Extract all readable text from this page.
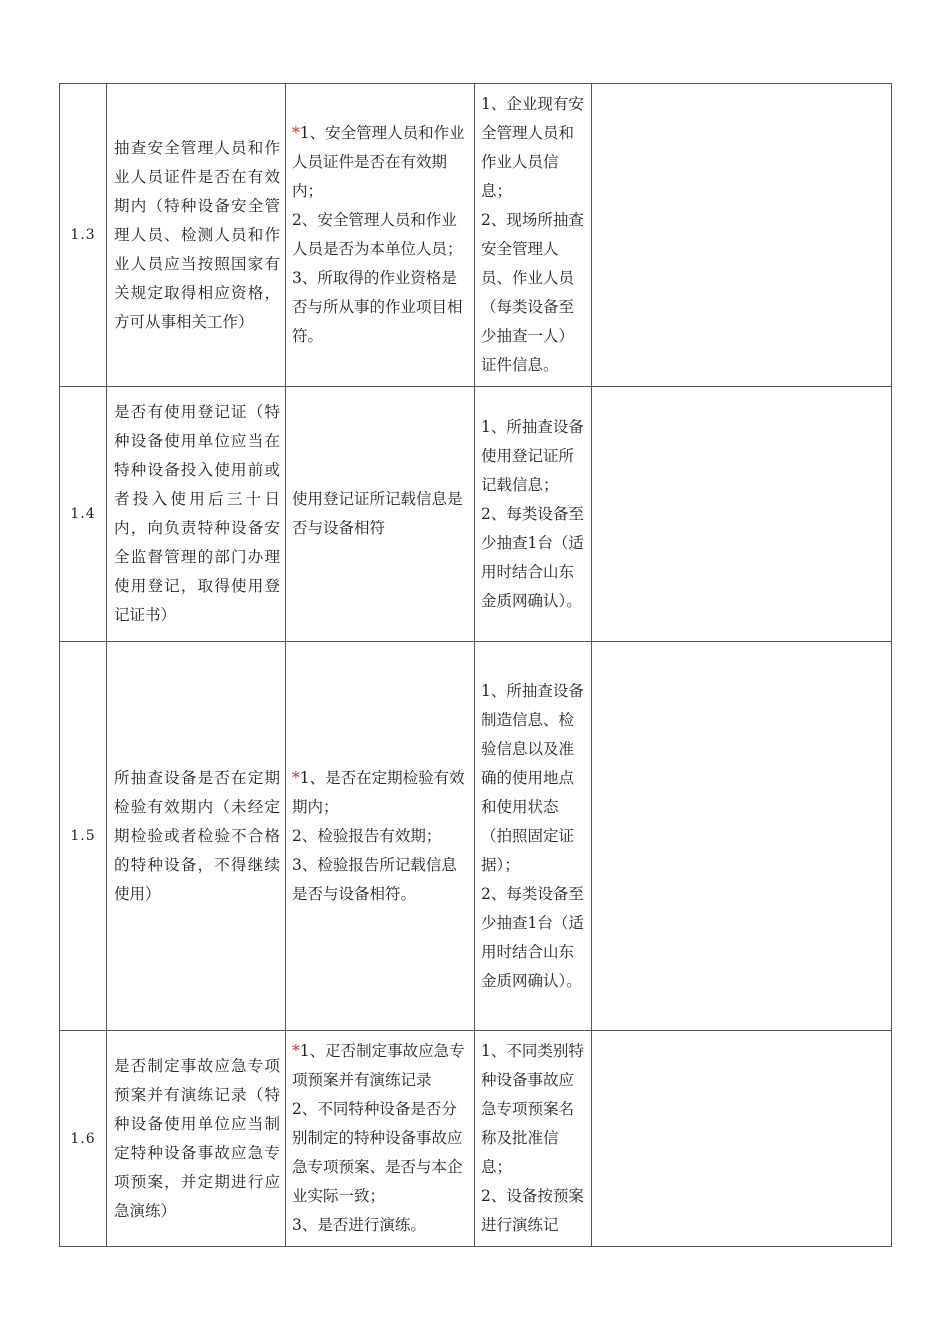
1.3	抽查安全管理人员和作业人员证件是否在有效期内（特种设备安全管理人员、检测人员和作业人员应当按照国家有关规定取得相应资格，方可从事相关工作）	*1、安全管理人员和作业人员证件是否在有效期内；
2、安全管理人员和作业人员是否为本单位人员；
3、所取得的作业资格是否与所从事的作业项目相符。	1、企业现有安全管理人员和作业人员信息；
2、现场所抽查安全管理人员、作业人员（每类设备至少抽查一人）证件信息。	

1.4	是否有使用登记证（特种设备使用单位应当在特种设备投入使用前或者投入使用后三十日内，向负责特种设备安全监督管理的部门办理使用登记，取得使用登记证书）	使用登记证所记载信息是否与设备相符	1、所抽查设备使用登记证所记载信息；
2、每类设备至少抽查1台（适用时结合山东金质网确认）。	

1.5	所抽查设备是否在定期检验有效期内（未经定期检验或者检验不合格的特种设备，不得继续使用）	*1、是否在定期检验有效期内；
2、检验报告有效期；
3、检验报告所记载信息是否与设备相符。	1、所抽查设备制造信息、检验信息以及准确的使用地点和使用状态（拍照固定证据）；
2、每类设备至少抽查1台（适用时结合山东金质网确认）。	

1.6	是否制定事故应急专项预案并有演练记录（特种设备使用单位应当制定特种设备事故应急专项预案，并定期进行应急演练）	*1、疋否制定事故应急专项预案并有演练记录
2、不同特种设备是否分别制定的特种设备事故应急专项预案、是否与本企业实际一致；
3、是否进行演练。	1、不同类别特种设备事故应急专项预案名称及批准信息；
2、设备按预案进行演练记	
